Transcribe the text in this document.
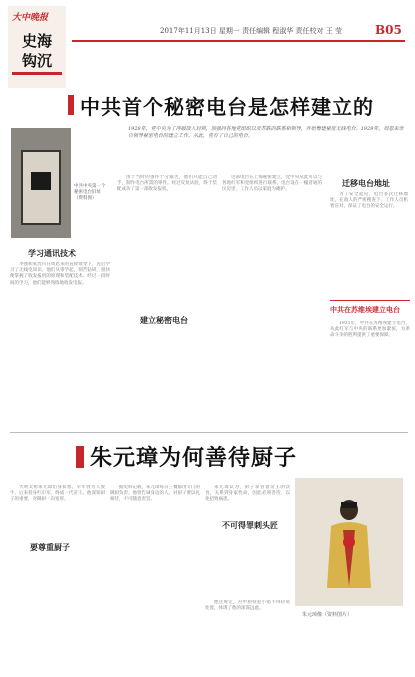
大中晚报
史海
钩沉
2017年11月13日 星期一 责任编辑 程淑华 责任校对 王 莹	B05
中共首个秘密电台是怎样建立的
1928年，党中央为了冲破敌人封锁，加强同各地党组织以及苏联的联系和领导，开始筹建秘密无线电台。1929年，周恩来亲自领导秘密电台的建立工作。从此，党有了自己的电台。
中共中央第一个秘密电台旧址（资料图）
学习通讯技术

李强和张沈川在周恩来的直接领导下，先后学习了无线电知识。他们从零学起，刻苦钻研，很快便掌握了收发报机的原理和装配技术。经过一段时间的学习，他们能够熟练地收发电报。

由于当时的条件十分艰苦，他们只能自己动手，制作电台所需的零件。经过反复试验，终于装配成功了第一部收发报机。

建立秘密电台

这部电台在上海秘密建立，党中央从此可以与各地红军和党组织进行联系。电台设在一幢普通的民房里，工作人员以家庭为掩护。

迁移电台地址

为了安全起见，电台多次迁移地址。在敌人的严密搜查下，工作人员机智应对，保证了电台的安全运行。

中共在苏维埃建立电台

1931年，中共在苏维埃建立电台，从此红军与中央的联系更加紧密，为革命斗争的胜利提供了重要保障。

朱元璋为何善待厨子

大明太祖朱元璋出身贫寒，早年曾为人放牛，后来投身红巾军，终成一代帝王。他深知厨子的重要，对御厨一向宽厚。

要尊重厨子

据史料记载，朱元璋每日三餐都由专门的御厨负责。他曾告诫身边的人，对厨子要以礼相待，不可随意责罚。

朱元璋认为，厨子掌管着帝王的饮食，关系到身家性命，因此必须善待，以免招致祸患。

不可得罪刺头匠

他还规定，宫中厨役犯小错不得轻易处置，体现了他的深谋远虑。

朱元璋像（资料图片）
